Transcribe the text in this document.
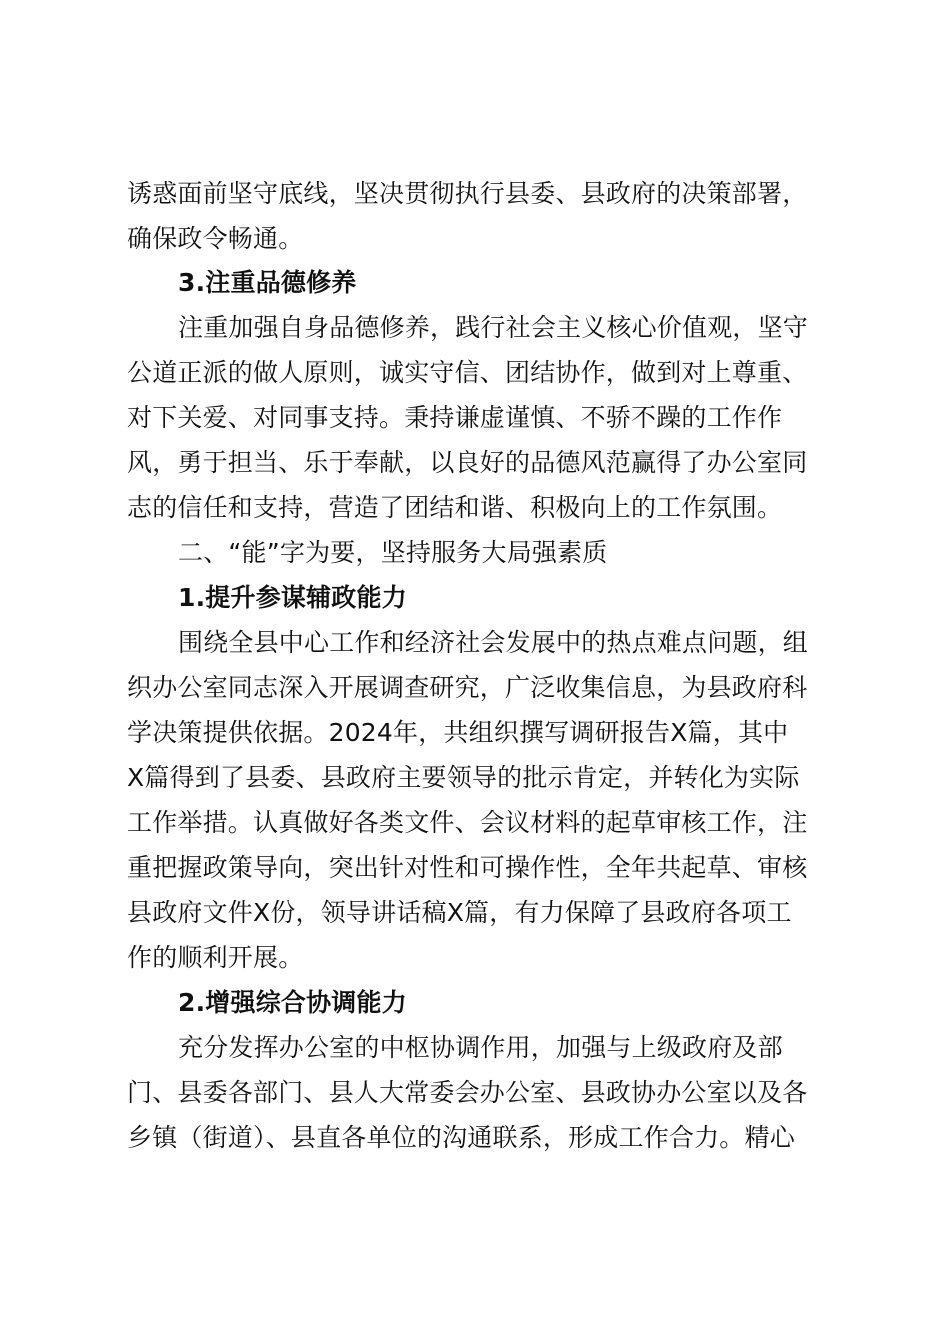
诱惑面前坚守底线，坚决贯彻执行县委、县政府的决策部署，
确保政令畅通。
3.注重品德修养
注重加强自身品德修养，践行社会主义核心价值观，坚守
公道正派的做人原则，诚实守信、团结协作，做到对上尊重、
对下关爱、对同事支持。秉持谦虚谨慎、不骄不躁的工作作
风，勇于担当、乐于奉献，以良好的品德风范赢得了办公室同
志的信任和支持，营造了团结和谐、积极向上的工作氛围。
二、“能”字为要，坚持服务大局强素质
1.提升参谋辅政能力
围绕全县中心工作和经济社会发展中的热点难点问题，组
织办公室同志深入开展调查研究，广泛收集信息，为县政府科
学决策提供依据。2024年，共组织撰写调研报告X篇，其中
X篇得到了县委、县政府主要领导的批示肯定，并转化为实际
工作举措。认真做好各类文件、会议材料的起草审核工作，注
重把握政策导向，突出针对性和可操作性，全年共起草、审核
县政府文件X份，领导讲话稿X篇，有力保障了县政府各项工
作的顺利开展。
2.增强综合协调能力
充分发挥办公室的中枢协调作用，加强与上级政府及部
门、县委各部门、县人大常委会办公室、县政协办公室以及各
乡镇（街道）、县直各单位的沟通联系，形成工作合力。精心
